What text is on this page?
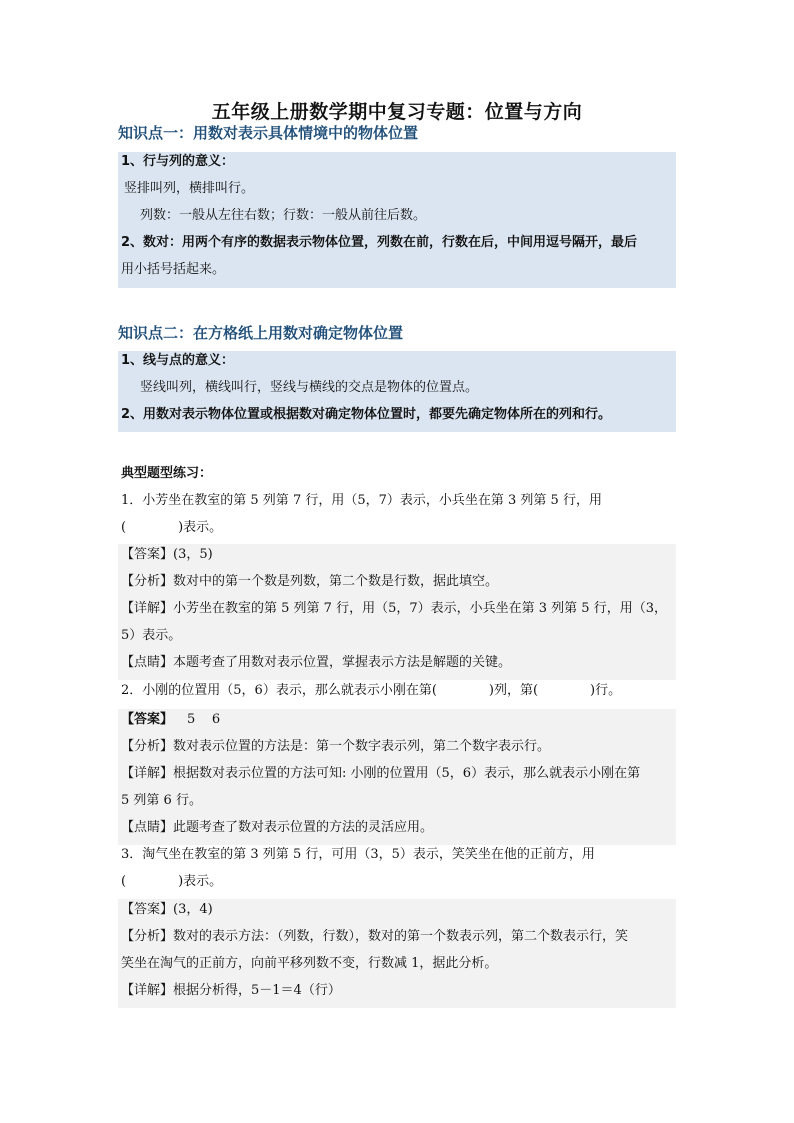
五年级上册数学期中复习专题：位置与方向
知识点一：用数对表示具体情境中的物体位置
1、行与列的意义：
竖排叫列，横排叫行。
列数：一般从左往右数；行数：一般从前往后数。
2、数对：用两个有序的数据表示物体位置，列数在前，行数在后，中间用逗号隔开，最后
用小括号括起来。
知识点二：在方格纸上用数对确定物体位置
1、线与点的意义：
竖线叫列，横线叫行，竖线与横线的交点是物体的位置点。
2、用数对表示物体位置或根据数对确定物体位置时，都要先确定物体所在的列和行。
典型题型练习：
1．小芳坐在教室的第 5 列第 7 行，用（5，7）表示，小兵坐在第 3 列第 5 行，用
(	)表示。
【答案】(3，5)
【分析】数对中的第一个数是列数，第二个数是行数，据此填空。
【详解】小芳坐在教室的第 5 列第 7 行，用（5，7）表示，小兵坐在第 3 列第 5 行，用（3，
5）表示。
【点睛】本题考查了用数对表示位置，掌握表示方法是解题的关键。
2．小刚的位置用（5，6）表示，那么就表示小刚在第(	)列，第(	)行。
【答案】 5    6
【分析】数对表示位置的方法是：第一个数字表示列，第二个数字表示行。
【详解】根据数对表示位置的方法可知: 小刚的位置用（5，6）表示，那么就表示小刚在第
5 列第 6 行。
【点睛】此题考查了数对表示位置的方法的灵活应用。
3．淘气坐在教室的第 3 列第 5 行，可用（3，5）表示，笑笑坐在他的正前方，用
(	)表示。
【答案】(3，4)
【分析】数对的表示方法：（列数，行数），数对的第一个数表示列，第二个数表示行，笑
笑坐在淘气的正前方，向前平移列数不变，行数减 1，据此分析。
【详解】根据分析得，5－1＝4（行）
